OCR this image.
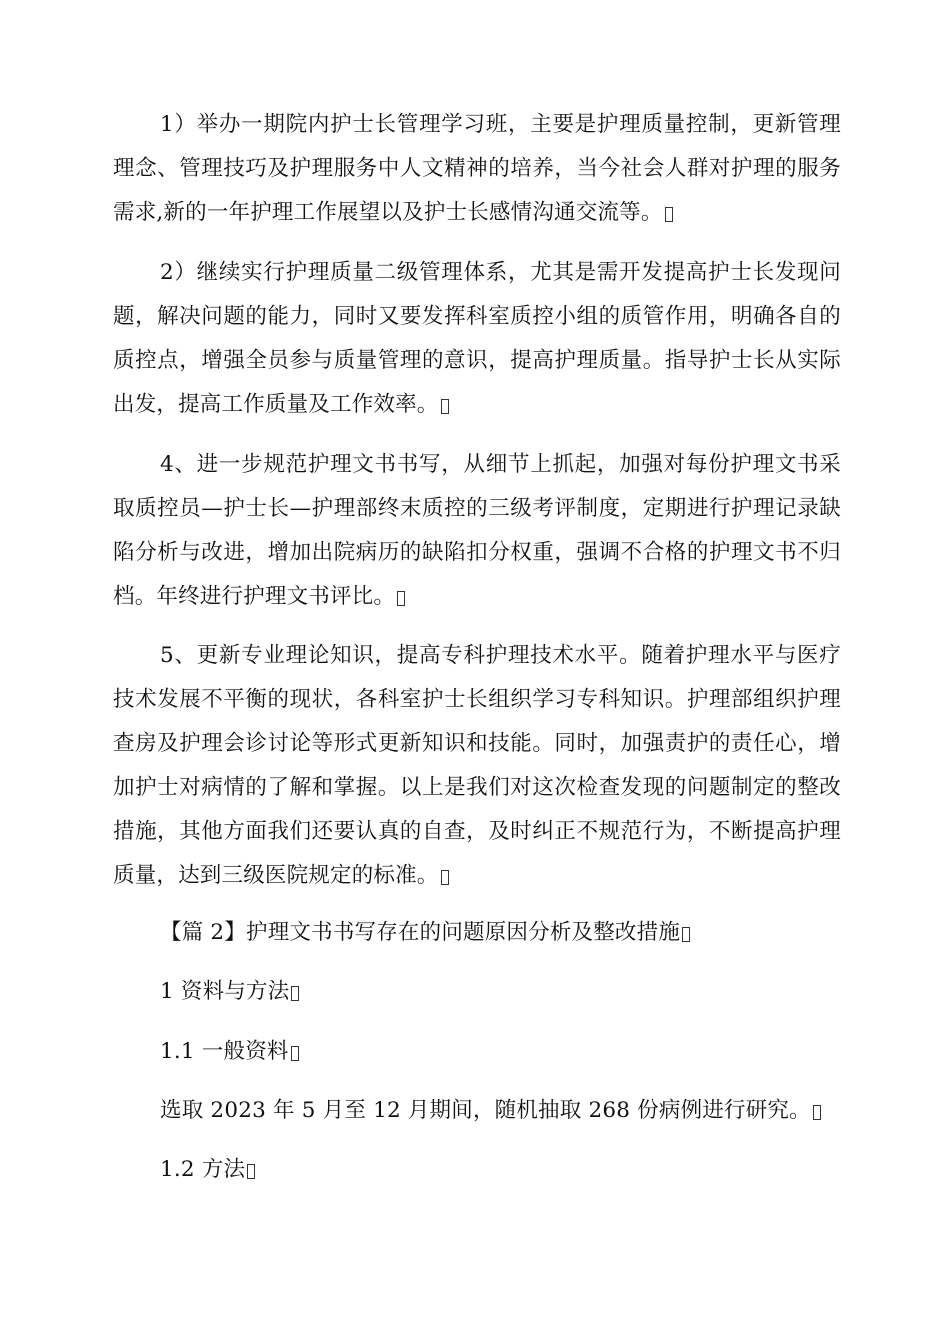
1）举办一期院内护士长管理学习班，主要是护理质量控制，更新管理理念、管理技巧及护理服务中人文精神的培养，当今社会人群对护理的服务需求,新的一年护理工作展望以及护士长感情沟通交流等。

2）继续实行护理质量二级管理体系，尤其是需开发提高护士长发现问题，解决问题的能力，同时又要发挥科室质控小组的质管作用，明确各自的质控点，增强全员参与质量管理的意识，提高护理质量。指导护士长从实际出发，提高工作质量及工作效率。

4、进一步规范护理文书书写，从细节上抓起，加强对每份护理文书采取质控员—护士长—护理部终末质控的三级考评制度，定期进行护理记录缺陷分析与改进，增加出院病历的缺陷扣分权重，强调不合格的护理文书不归档。年终进行护理文书评比。

5、更新专业理论知识，提高专科护理技术水平。随着护理水平与医疗技术发展不平衡的现状，各科室护士长组织学习专科知识。护理部组织护理查房及护理会诊讨论等形式更新知识和技能。同时，加强责护的责任心，增加护士对病情的了解和掌握。以上是我们对这次检查发现的问题制定的整改措施，其他方面我们还要认真的自查，及时纠正不规范行为，不断提高护理质量，达到三级医院规定的标准。

【篇 2】护理文书书写存在的问题原因分析及整改措施

1 资料与方法

1.1 一般资料

选取 2023 年 5 月至 12 月期间，随机抽取 268 份病例进行研究。

1.2 方法
